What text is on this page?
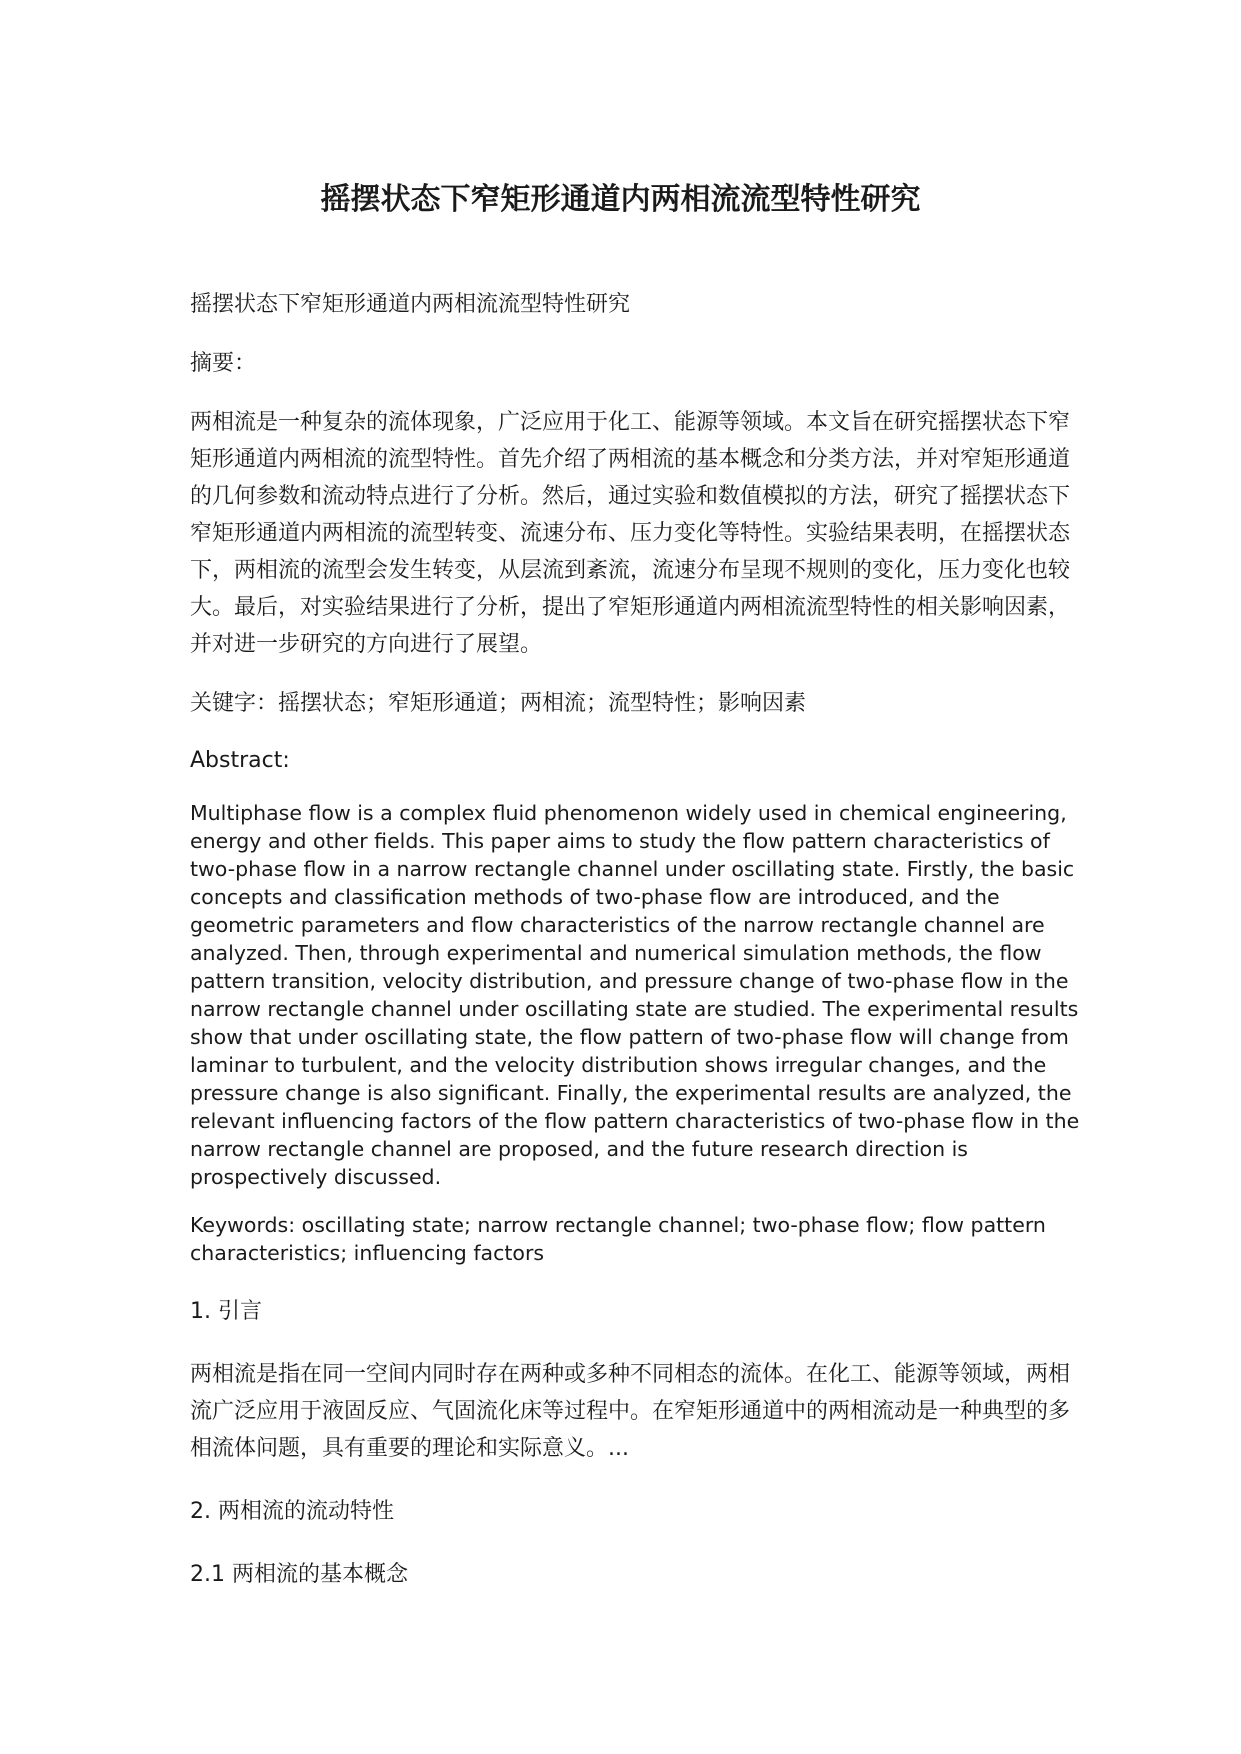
摇摆状态下窄矩形通道内两相流流型特性研究

摇摆状态下窄矩形通道内两相流流型特性研究

摘要：

两相流是一种复杂的流体现象，广泛应用于化工、能源等领域。本文旨在研究摇摆状态下窄矩形通道内两相流的流型特性。首先介绍了两相流的基本概念和分类方法，并对窄矩形通道的几何参数和流动特点进行了分析。然后，通过实验和数值模拟的方法，研究了摇摆状态下窄矩形通道内两相流的流型转变、流速分布、压力变化等特性。实验结果表明，在摇摆状态下，两相流的流型会发生转变，从层流到紊流，流速分布呈现不规则的变化，压力变化也较大。最后，对实验结果进行了分析，提出了窄矩形通道内两相流流型特性的相关影响因素，并对进一步研究的方向进行了展望。

关键字：摇摆状态；窄矩形通道；两相流；流型特性；影响因素

Abstract:

Multiphase flow is a complex fluid phenomenon widely used in chemical engineering, energy and other fields. This paper aims to study the flow pattern characteristics of two-phase flow in a narrow rectangle channel under oscillating state. Firstly, the basic concepts and classification methods of two-phase flow are introduced, and the geometric parameters and flow characteristics of the narrow rectangle channel are analyzed. Then, through experimental and numerical simulation methods, the flow pattern transition, velocity distribution, and pressure change of two-phase flow in the narrow rectangle channel under oscillating state are studied. The experimental results show that under oscillating state, the flow pattern of two-phase flow will change from laminar to turbulent, and the velocity distribution shows irregular changes, and the pressure change is also significant. Finally, the experimental results are analyzed, the relevant influencing factors of the flow pattern characteristics of two-phase flow in the narrow rectangle channel are proposed, and the future research direction is prospectively discussed.

Keywords: oscillating state; narrow rectangle channel; two-phase flow; flow pattern characteristics; influencing factors

1. 引言

两相流是指在同一空间内同时存在两种或多种不同相态的流体。在化工、能源等领域，两相流广泛应用于液固反应、气固流化床等过程中。在窄矩形通道中的两相流动是一种典型的多相流体问题，具有重要的理论和实际意义。...

2. 两相流的流动特性

2.1 两相流的基本概念
